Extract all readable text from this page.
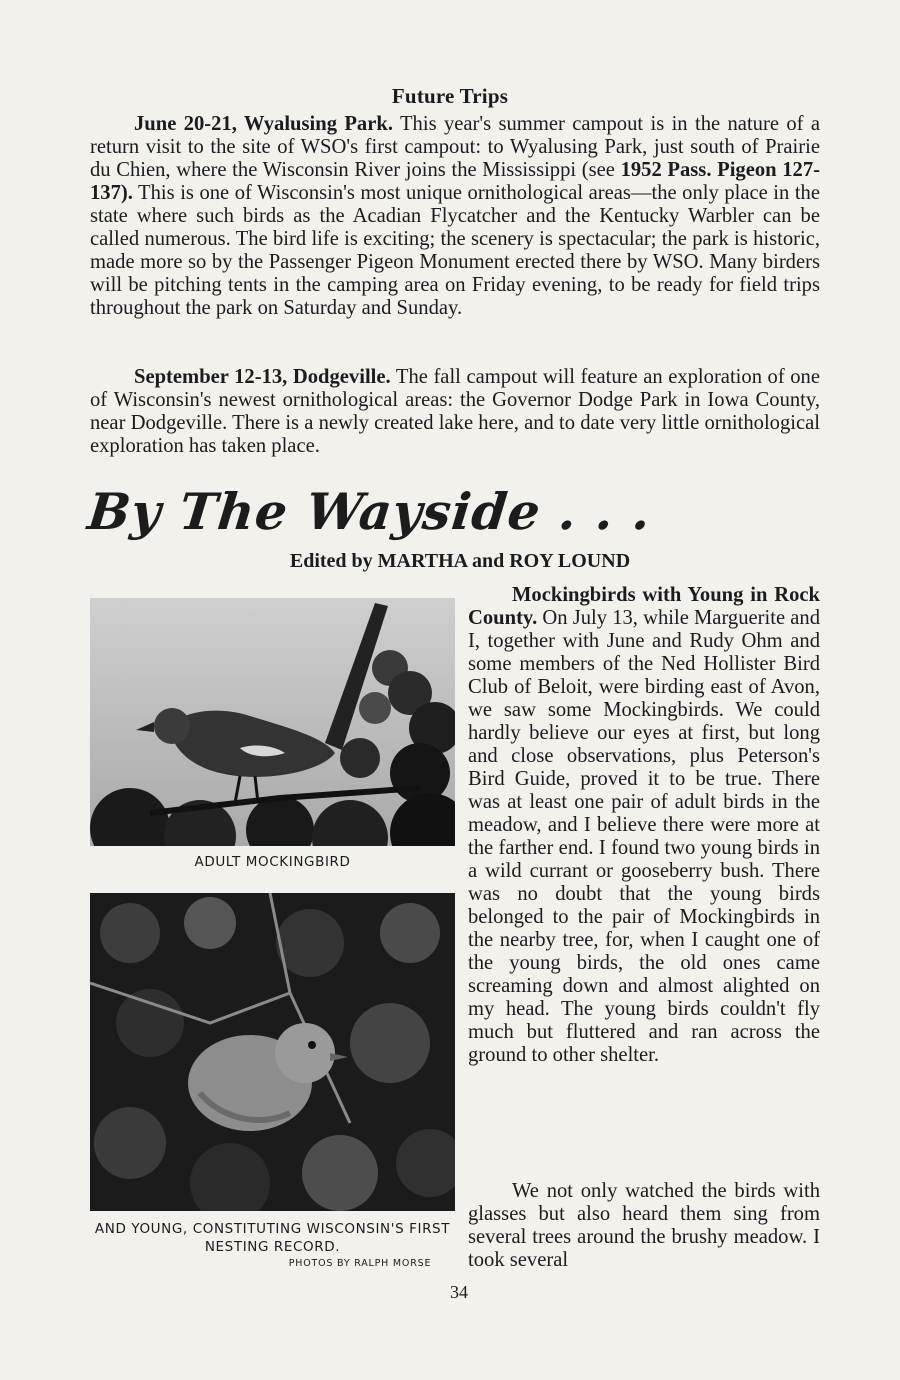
Future Trips

June 20-21, Wyalusing Park. This year's summer campout is in the nature of a return visit to the site of WSO's first campout: to Wyalusing Park, just south of Prairie du Chien, where the Wisconsin River joins the Mississippi (see 1952 Pass. Pigeon 127-137). This is one of Wisconsin's most unique ornithological areas—the only place in the state where such birds as the Acadian Flycatcher and the Kentucky Warbler can be called numerous. The bird life is exciting; the scenery is spectacular; the park is historic, made more so by the Passenger Pigeon Monument erected there by WSO. Many birders will be pitching tents in the camping area on Friday evening, to be ready for field trips throughout the park on Saturday and Sunday.

September 12-13, Dodgeville. The fall campout will feature an exploration of one of Wisconsin's newest ornithological areas: the Governor Dodge Park in Iowa County, near Dodgeville. There is a newly created lake here, and to date very little ornithological exploration has taken place.

By The Wayside . . .
Edited by MARTHA and ROY LOUND
ADULT MOCKINGBIRD
AND YOUNG, CONSTITUTING WISCONSIN'S FIRST NESTING RECORD.
PHOTOS BY RALPH MORSE

Mockingbirds with Young in Rock County. On July 13, while Marguerite and I, together with June and Rudy Ohm and some members of the Ned Hollister Bird Club of Beloit, were birding east of Avon, we saw some Mockingbirds. We could hardly believe our eyes at first, but long and close observations, plus Peterson's Bird Guide, proved it to be true. There was at least one pair of adult birds in the meadow, and I believe there were more at the farther end. I found two young birds in a wild currant or gooseberry bush. There was no doubt that the young birds belonged to the pair of Mockingbirds in the nearby tree, for, when I caught one of the young birds, the old ones came screaming down and almost alighted on my head. The young birds couldn't fly much but fluttered and ran across the ground to other shelter.

We not only watched the birds with glasses but also heard them sing from several trees around the brushy meadow. I took several

34
